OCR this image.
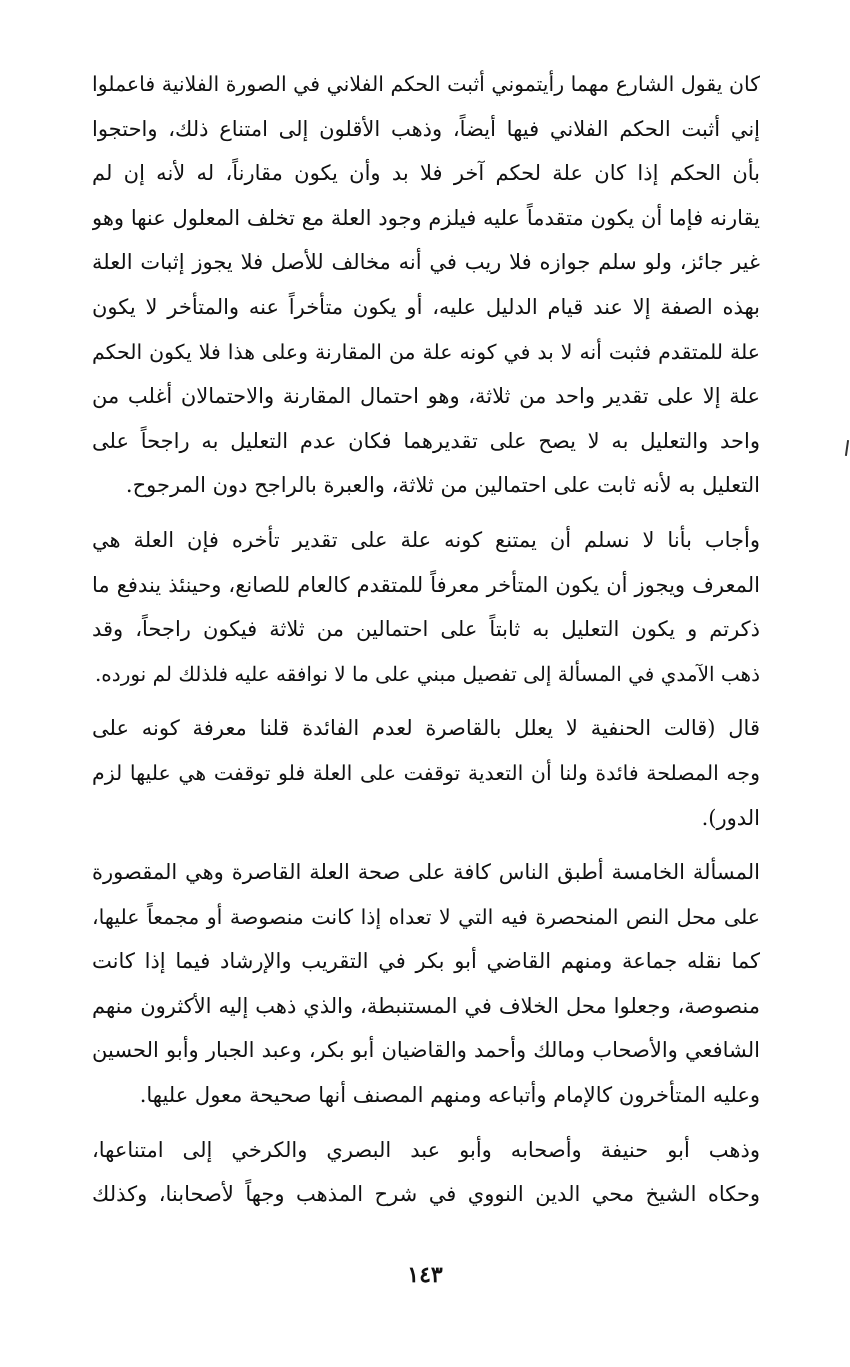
كان يقول الشارع مهما رأيتموني أثبت الحكم الفلاني في الصورة الفلانية فاعملوا
إني أثبت الحكم الفلاني فيها أيضاً، وذهب الأقلون إلى امتناع ذلك، واحتجوا
بأن الحكم إذا كان علة لحكم آخر فلا بد وأن يكون مقارناً، له لأنه إن لم
يقارنه فإما أن يكون متقدماً عليه فيلزم وجود العلة مع تخلف المعلول عنها وهو
غير جائز، ولو سلم جوازه فلا ريب في أنه مخالف للأصل فلا يجوز إثبات العلة
بهذه الصفة إلا عند قيام الدليل عليه، أو يكون متأخراً عنه والمتأخر لا يكون
علة للمتقدم فثبت أنه لا بد في كونه علة من المقارنة وعلى هذا فلا يكون الحكم
علة إلا على تقدير واحد من ثلاثة، وهو احتمال المقارنة والاحتمالان أغلب من
واحد والتعليل به لا يصح على تقديرهما فكان عدم التعليل به راجحاً على
التعليل به لأنه ثابت على احتمالين من ثلاثة، والعبرة بالراجح دون المرجوح.

وأجاب بأنا لا نسلم أن يمتنع كونه علة على تقدير تأخره فإن العلة هي
المعرف ويجوز أن يكون المتأخر معرفاً للمتقدم كالعام للصانع، وحينئذ يندفع ما
ذكرتم و يكون التعليل به ثابتاً على احتمالين من ثلاثة فيكون راجحاً، وقد
ذهب الآمدي في المسألة إلى تفصيل مبني على ما لا نوافقه عليه فلذلك لم نورده.

قال (قالت الحنفية لا يعلل بالقاصرة لعدم الفائدة قلنا معرفة كونه على
وجه المصلحة فائدة ولنا أن التعدية توقفت على العلة فلو توقفت هي عليها لزم
الدور).

المسألة الخامسة أطبق الناس كافة على صحة العلة القاصرة وهي المقصورة
على محل النص المنحصرة فيه التي لا تعداه إذا كانت منصوصة أو مجمعاً عليها،
كما نقله جماعة ومنهم القاضي أبو بكر في التقريب والإرشاد فيما إذا كانت
منصوصة، وجعلوا محل الخلاف في المستنبطة، والذي ذهب إليه الأكثرون منهم
الشافعي والأصحاب ومالك وأحمد والقاضيان أبو بكر، وعبد الجبار وأبو الحسين
وعليه المتأخرون كالإمام وأتباعه ومنهم المصنف أنها صحيحة معول عليها.

وذهب أبو حنيفة وأصحابه وأبو عبد البصري والكرخي إلى امتناعها،
وحكاه الشيخ محي الدين النووي في شرح المذهب وجهاً لأصحابنا، وكذلك

١٤٣
